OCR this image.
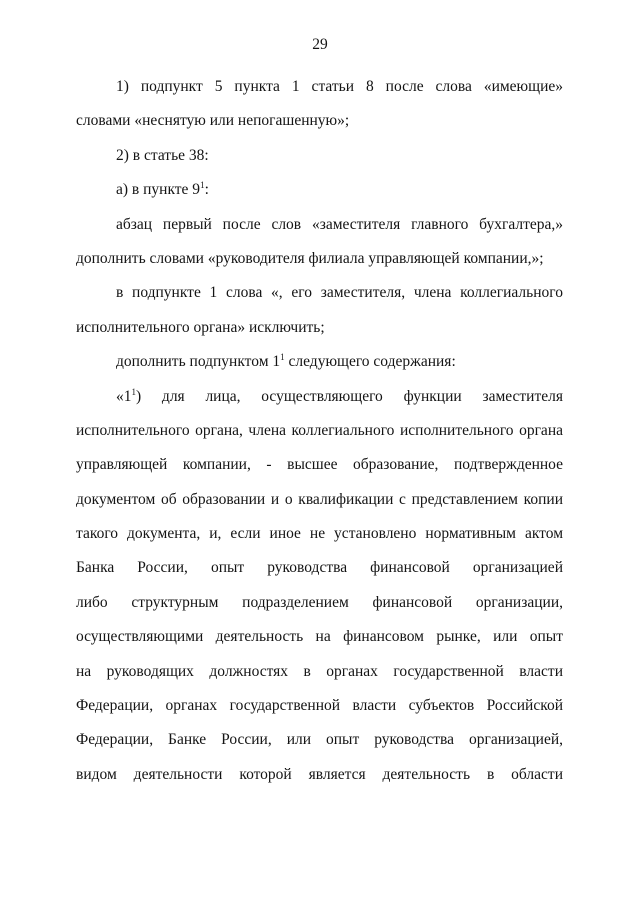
29
1) подпункт 5 пункта 1 статьи 8 после слова «имеющие»
словами «неснятую или непогашенную»;
2) в статье 38:
а) в пункте $9^1$:
абзац первый после слов «заместителя главного бухгалтера,»
дополнить словами «руководителя филиала управляющей компании,»;
в подпункте 1 слова «, его заместителя, члена коллегиального
исполнительного органа» исключить;
дополнить подпунктом $1^1$ следующего содержания:
«$1^1$) для лица, осуществляющего функции заместителя
исполнительного органа, члена коллегиального исполнительного органа
управляющей компании, - высшее образование, подтвержденное
документом об образовании и о квалификации с представлением копии
такого документа, и, если иное не установлено нормативным актом
Банка России, опыт руководства финансовой организацией
либо структурным подразделением финансовой организации,
осуществляющими деятельность на финансовом рынке, или опыт
на руководящих должностях в органах государственной власти
Федерации, органах государственной власти субъектов Российской
Федерации, Банке России, или опыт руководства организацией,
видом деятельности которой является деятельность в области
